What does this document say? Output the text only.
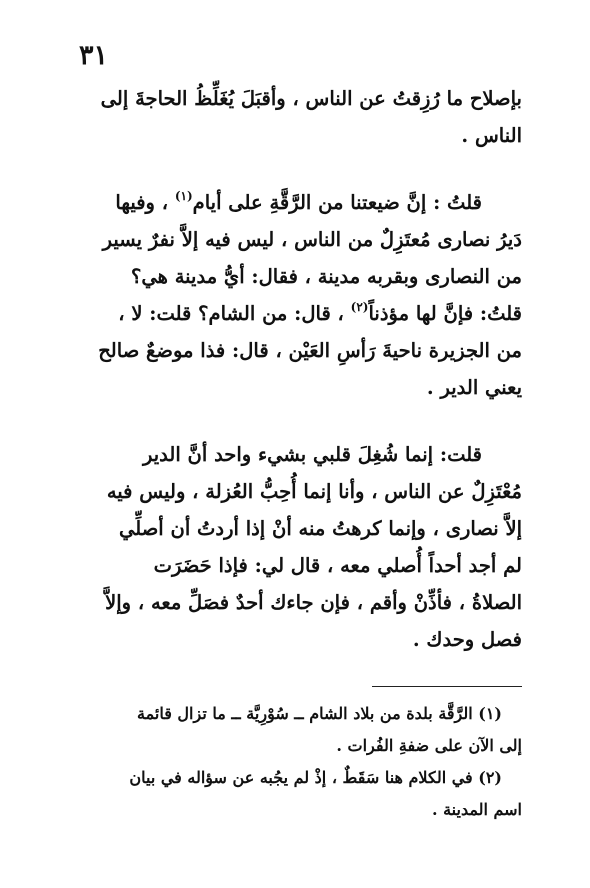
٣١
بإصلاح ما رُزِقتُ عن الناس ، وأقبَلَ يُغَلِّظُ الحاجةَ إلى
الناس .
قلتُ : إنَّ ضيعتنا من الرَّقَّةِ على أيام$^{(١)}$ ، وفيها
دَيرُ نصارى مُعتَزِلٌ من الناس ، ليس فيه إلاَّ نفرٌ يسير
من النصارى وبقربه مدينة ، فقال: أيُّ مدينة هي؟
قلتُ: فإنَّ لها مؤذناً$^{(٢)}$ ، قال: من الشام؟ قلت: لا ،
من الجزيرة ناحيةَ رَأسِ العَيْن ، قال: فذا موضعٌ صالح
يعني الدير .
قلت: إنما شُغِلَ قلبي بشيء واحد أنَّ الدير
مُعْتَزِلٌ عن الناس ، وأنا إنما أُحِبُّ العُزلة ، وليس فيه
إلاَّ نصارى ، وإنما كرهتُ منه أنْ إذا أردتُ أن أصلِّي
لم أجد أحداً أُصلي معه ، قال لي: فإذا حَضَرَت
الصلاةُ ، فأذِّنْ وأقم ، فإن جاءك أحدٌ فصَلِّ معه ، وإلاَّ
فصل وحدك .
(١) الرَّقَّة بلدة من بلاد الشام ــ سُوْرِيَّة ــ ما تزال قائمة
إلى الآن على ضفةِ الفُرات .
(٢) في الكلام هنا سَقَطٌ ، إذْ لم يجُبه عن سؤاله في بيان
اسم المدينة .
